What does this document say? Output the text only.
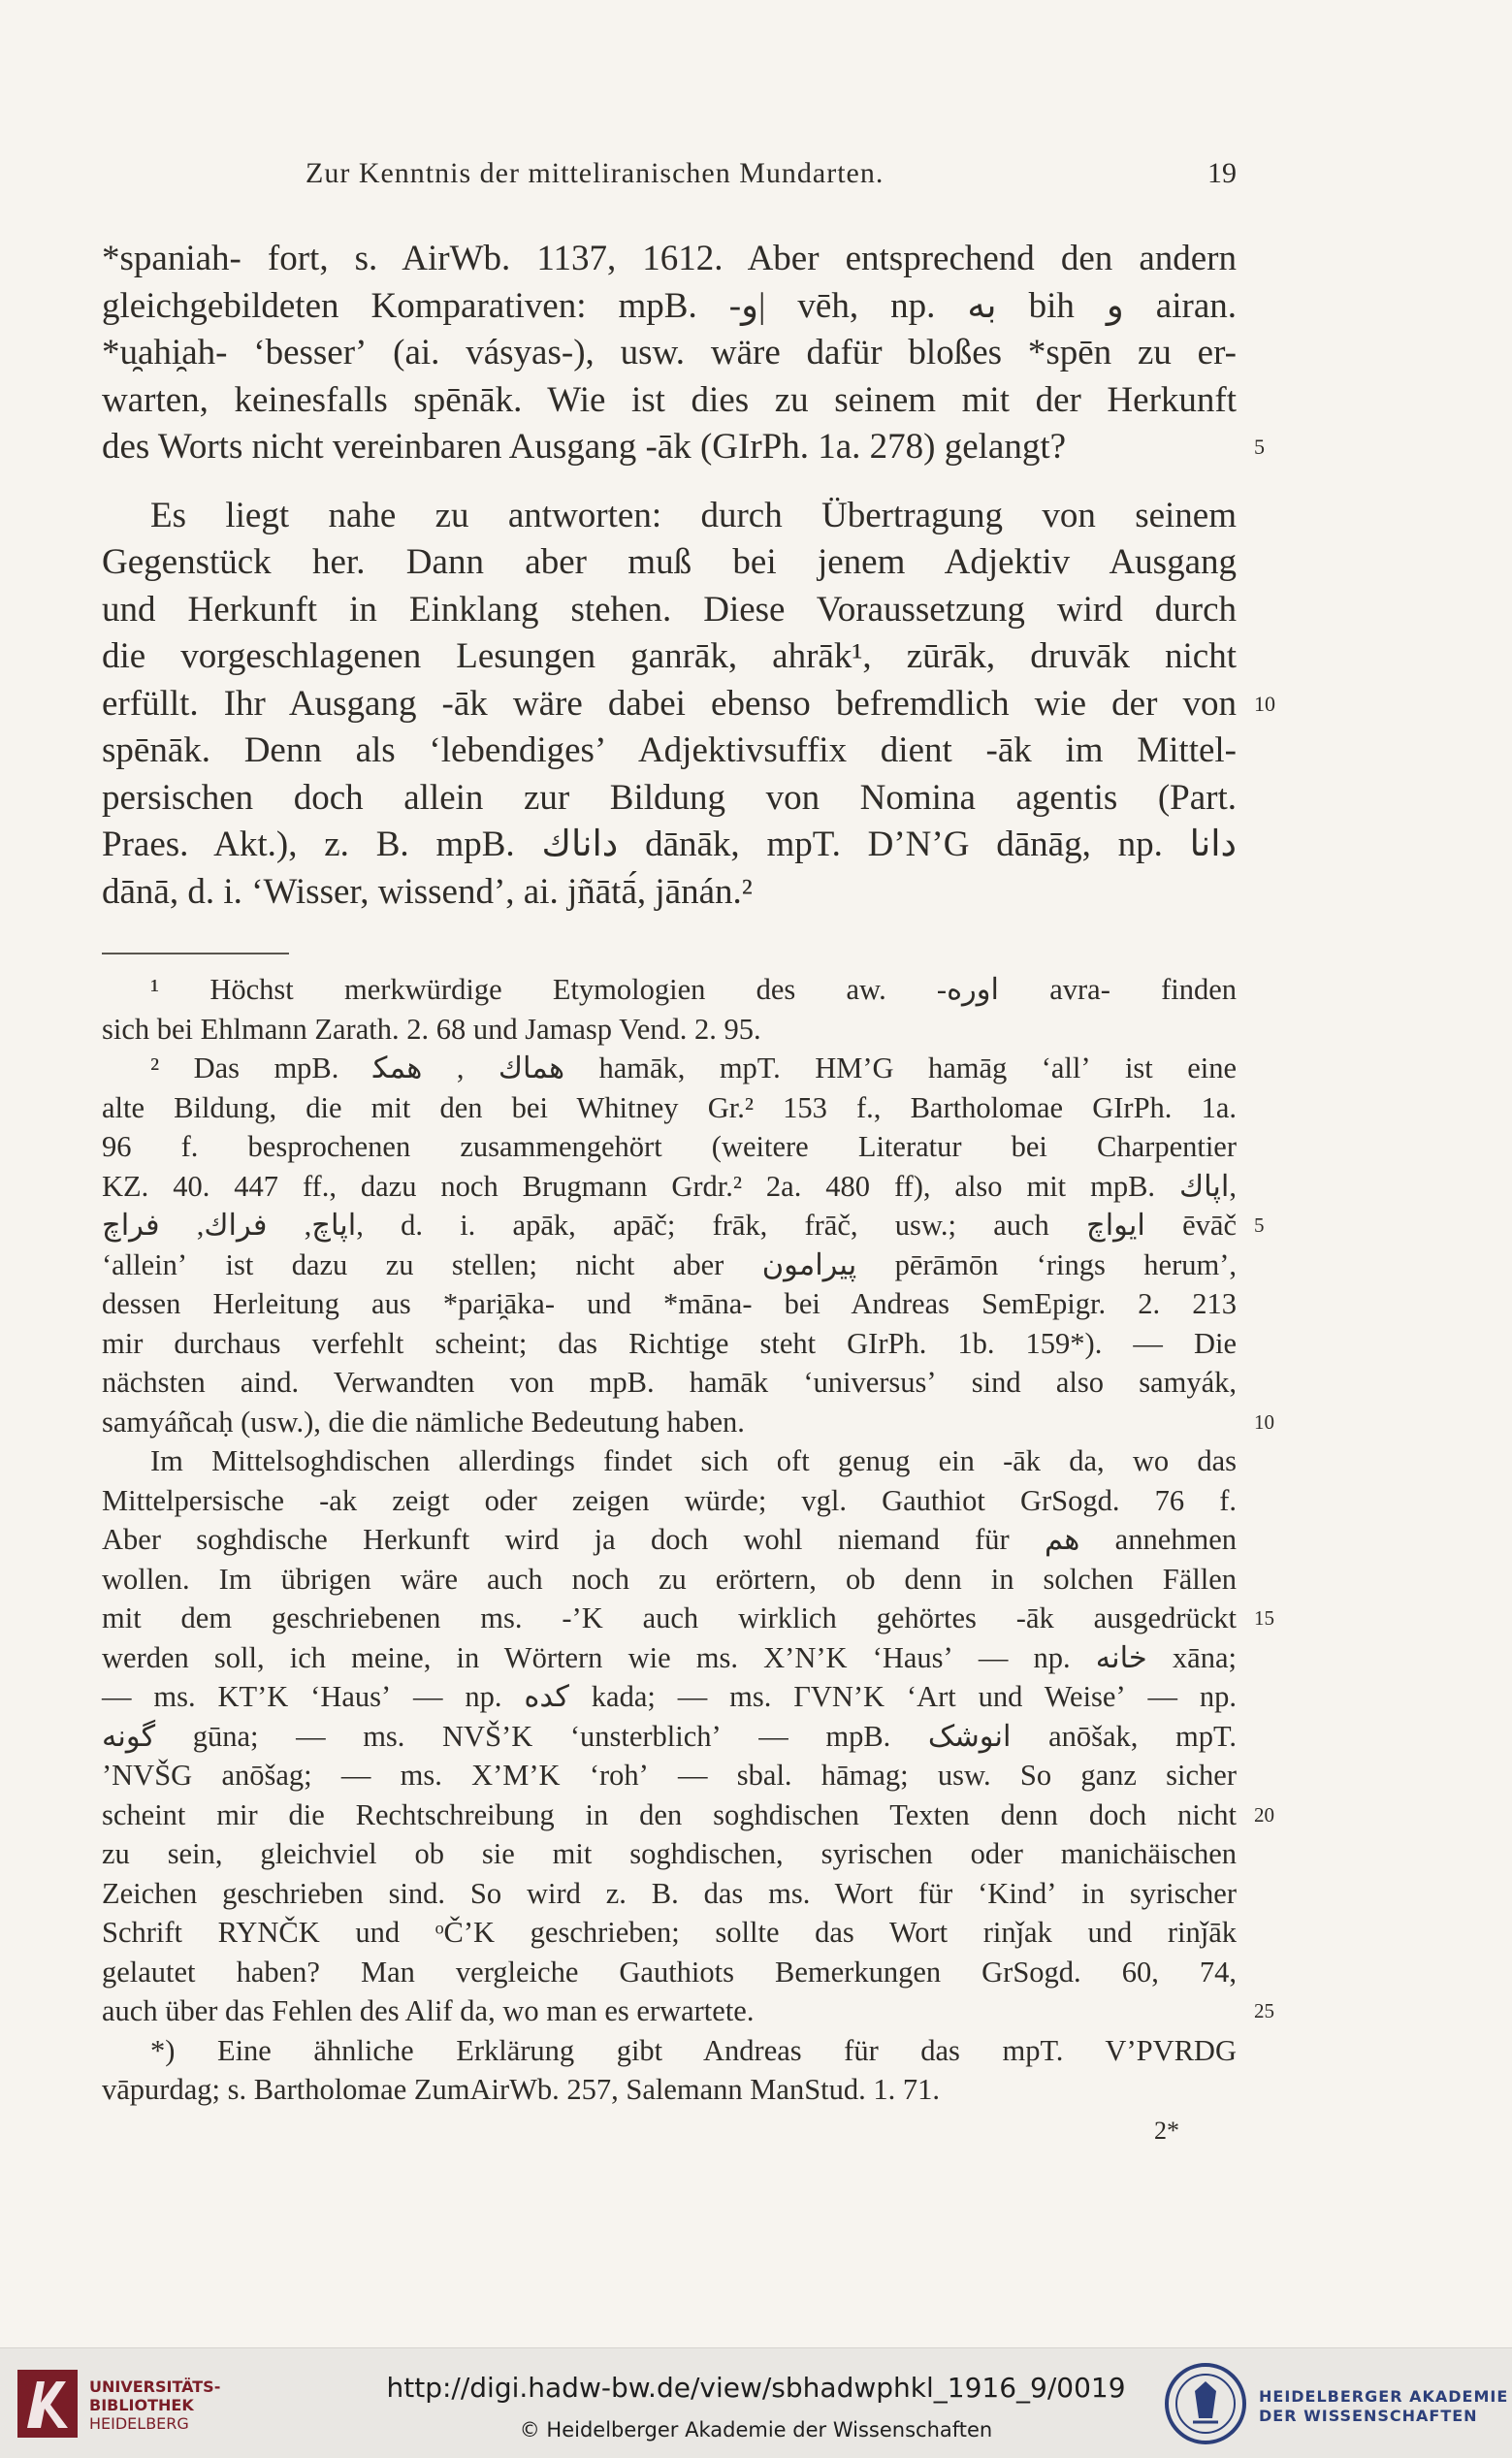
Zur Kenntnis der mitteliranischen Mundarten.	19
*spaniah- fort, s. AirWb. 1137, 1612. Aber entsprechend den andern
gleichgebildeten Komparativen: mpB. -ﻭ| vēh, np. ﺑﻪ bih ﻭ airan.
*u̯ahi̯ah- ʻbesserʼ (ai. vásyas-), usw. wäre dafür bloßes *spēn zu er-
warten, keinesfalls spēnāk. Wie ist dies zu seinem mit der Herkunft
des Worts nicht vereinbaren Ausgang -āk (GIrPh. 1a. 278) gelangt?	5
Es liegt nahe zu antworten: durch Übertragung von seinem
Gegenstück her. Dann aber muß bei jenem Adjektiv Ausgang
und Herkunft in Einklang stehen. Diese Voraussetzung wird durch
die vorgeschlagenen Lesungen ganrāk, ahrāk¹, zūrāk, druvāk nicht
erfüllt. Ihr Ausgang -āk wäre dabei ebenso befremdlich wie der von 10
spēnāk. Denn als ʻlebendigesʼ Adjektivsuffix dient -āk im Mittel-
persischen doch allein zur Bildung von Nomina agentis (Part.
Praes. Akt.), z. B. mpB. ﺩﺍﻧﺎﻙ dānāk, mpT. D’N’G dānāg, np. ﺩﺍﻧﺎ
dānā, d. i. ʻWisser, wissendʼ, ai. jñātā́, jānán.²
¹ Höchst merkwürdige Etymologien des aw. -ﺍﻭﺭﻩ avra- finden
sich bei Ehlmann Zarath. 2. 68 und Jamasp Vend. 2. 95.
² Das mpB. ﻫﻤﺎﻙ , ﻫﻤﮑ hamāk, mpT. HM’G hamāg ʻallʼ ist eine
alte Bildung, die mit den bei Whitney Gr.² 153 f., Bartholomae GIrPh. 1a.
96 f. besprochenen zusammengehört (weitere Literatur bei Charpentier
KZ. 40. 447 ff., dazu noch Brugmann Grdr.² 2a. 480 ff), also mit mpB. ﺍﭘﺎﻙ,
ﺍﭘﺎﭺ, ﻓﺮﺍﻙ, ﻓﺮﺍﭺ, d. i. apāk, apāč; frāk, frāč, usw.; auch ﺍﻳﻮﺍﭺ ēvāč 5
ʻalleinʼ ist dazu zu stellen; nicht aber ﭘﻴﺮﺍﻣﻮﻥ pērāmōn ʻrings herumʼ,
dessen Herleitung aus *pari̯āka- und *māna- bei Andreas SemEpigr. 2. 213
mir durchaus verfehlt scheint; das Richtige steht GIrPh. 1b. 159*). — Die
nächsten aind. Verwandten von mpB. hamāk ʻuniversusʼ sind also samyák,
samyáñcaḥ (usw.), die die nämliche Bedeutung haben.	10
Im Mittelsoghdischen allerdings findet sich oft genug ein -āk da, wo das
Mittelpersische -ak zeigt oder zeigen würde; vgl. Gauthiot GrSogd. 76 f.
Aber soghdische Herkunft wird ja doch wohl niemand für ﻫﻢ annehmen
wollen. Im übrigen wäre auch noch zu erörtern, ob denn in solchen Fällen
mit dem geschriebenen ms. -’K auch wirklich gehörtes -āk ausgedrückt 15
werden soll, ich meine, in Wörtern wie ms. X’N’K ʻHausʼ — np. ﺧﺎﻧﻪ xāna;
— ms. KT’K ʻHausʼ — np. ﮐﺪﻩ kada; — ms. ΓVN’K ʻArt und Weiseʼ — np.
ﮔﻮﻧﻪ gūna; — ms. NVŠ’K ʻunsterblichʼ — mpB. ﺍﻧﻮﺷﮏ anōšak, mpT.
’NVŠG anōšag; — ms. X’M’K ʻrohʼ — sbal. hāmag; usw. So ganz sicher
scheint mir die Rechtschreibung in den soghdischen Texten denn doch nicht 20
zu sein, gleichviel ob sie mit soghdischen, syrischen oder manichäischen
Zeichen geschrieben sind. So wird z. B. das ms. Wort für ʻKindʼ in syrischer
Schrift RYNČK und ᵒČ’K geschrieben; sollte das Wort rinǰak und rinǰāk
gelautet haben? Man vergleiche Gauthiots Bemerkungen GrSogd. 60, 74,
auch über das Fehlen des Alif da, wo man es erwartete.	25
*) Eine ähnliche Erklärung gibt Andreas für das mpT. V’PVRDG
vāpurdag; s. Bartholomae ZumAirWb. 257, Salemann ManStud. 1. 71.
2*
UNIVERSITÄTS-
BIBLIOTHEK
HEIDELBERG
http://digi.hadw-bw.de/view/sbhadwphkl_1916_9/0019
© Heidelberger Akademie der Wissenschaften
HEIDELBERGER AKADEMIE
DER WISSENSCHAFTEN
